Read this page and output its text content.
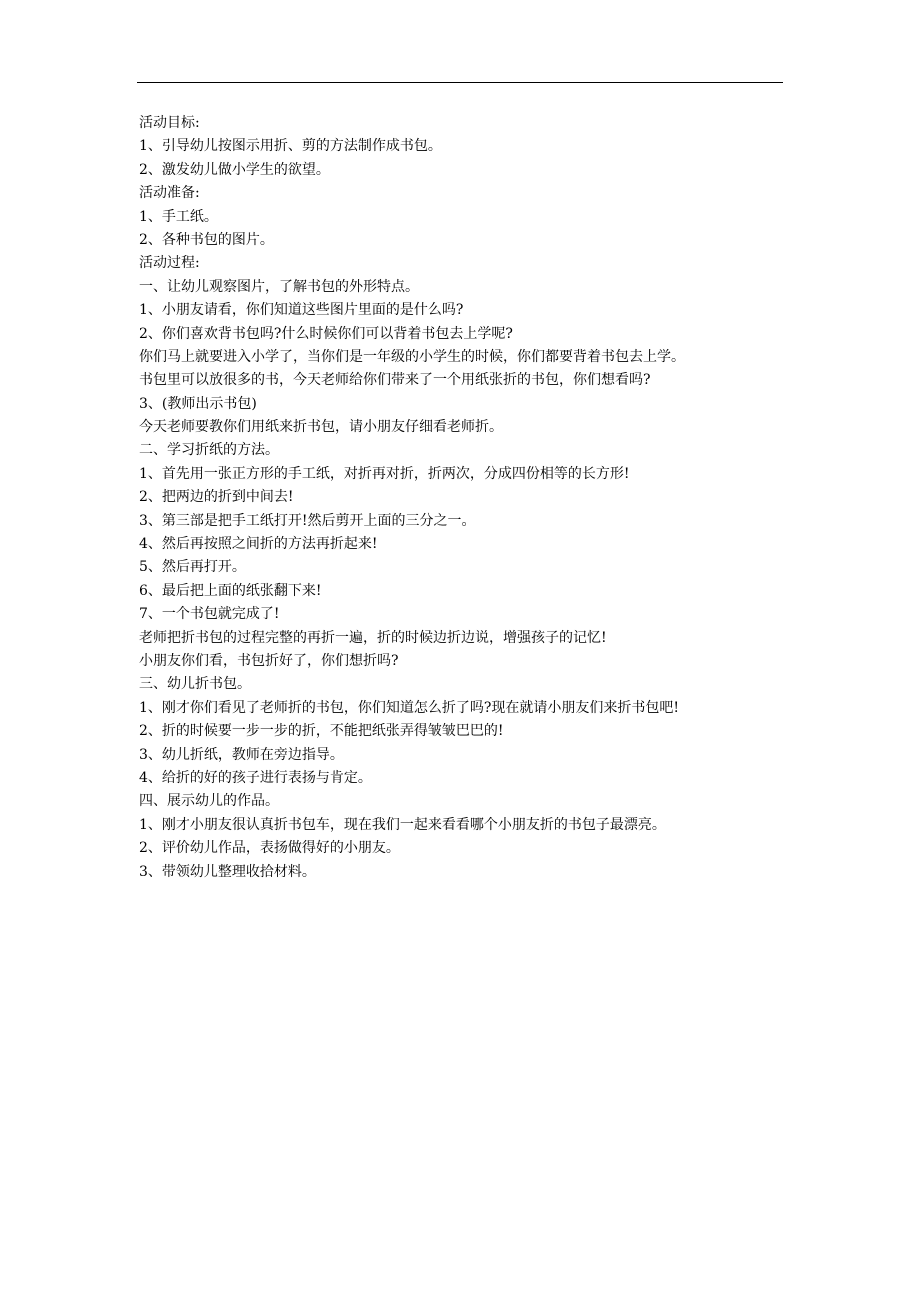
活动目标:
1、引导幼儿按图示用折、剪的方法制作成书包。
2、激发幼儿做小学生的欲望。
活动准备:
1、手工纸。
2、各种书包的图片。
活动过程:
一、让幼儿观察图片，了解书包的外形特点。
1、小朋友请看，你们知道这些图片里面的是什么吗?
2、你们喜欢背书包吗?什么时候你们可以背着书包去上学呢?
你们马上就要进入小学了，当你们是一年级的小学生的时候，你们都要背着书包去上学。
书包里可以放很多的书，今天老师给你们带来了一个用纸张折的书包，你们想看吗?
3、(教师出示书包)
今天老师要教你们用纸来折书包，请小朋友仔细看老师折。
二、学习折纸的方法。
1、首先用一张正方形的手工纸，对折再对折，折两次，分成四份相等的长方形!
2、把两边的折到中间去!
3、第三部是把手工纸打开!然后剪开上面的三分之一。
4、然后再按照之间折的方法再折起来!
5、然后再打开。
6、最后把上面的纸张翻下来!
7、一个书包就完成了!
老师把折书包的过程完整的再折一遍，折的时候边折边说，增强孩子的记忆!
小朋友你们看，书包折好了，你们想折吗?
三、幼儿折书包。
1、刚才你们看见了老师折的书包，你们知道怎么折了吗?现在就请小朋友们来折书包吧!
2、折的时候要一步一步的折，不能把纸张弄得皱皱巴巴的!
3、幼儿折纸，教师在旁边指导。
4、给折的好的孩子进行表扬与肯定。
四、展示幼儿的作品。
1、刚才小朋友很认真折书包车，现在我们一起来看看哪个小朋友折的书包子最漂亮。
2、评价幼儿作品，表扬做得好的小朋友。
3、带领幼儿整理收拾材料。
